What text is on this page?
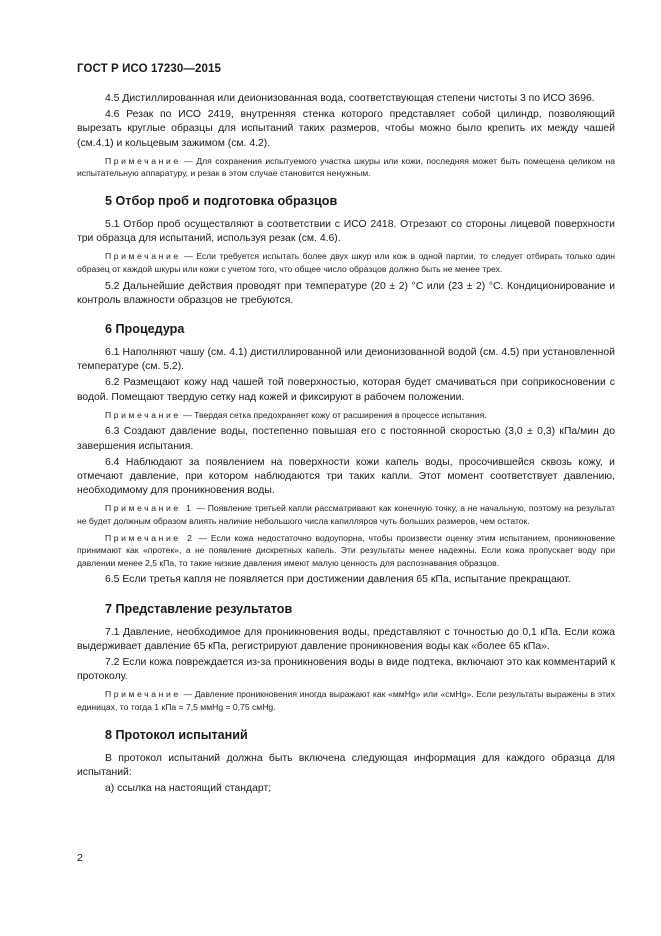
ГОСТ Р ИСО 17230—2015

4.5 Дистиллированная или деионизованная вода, соответствующая степени чистоты 3 по ИСО 3696.

4.6 Резак по ИСО 2419, внутренняя стенка которого представляет собой цилиндр, позволяющий вырезать круглые образцы для испытаний таких размеров, чтобы можно было крепить их между чашей (см.4.1) и кольцевым зажимом (см. 4.2).

Примечание — Для сохранения испытуемого участка шкуры или кожи, последняя может быть помещена целиком на испытательную аппаратуру, и резак в этом случае становится ненужным.

5 Отбор проб и подготовка образцов

5.1 Отбор проб осуществляют в соответствии с ИСО 2418. Отрезают со стороны лицевой поверхности три образца для испытаний, используя резак (см. 4.6).

Примечание — Если требуется испытать более двух шкур или кож в одной партии, то следует отбирать только один образец от каждой шкуры или кожи с учетом того, что общее число образцов должно быть не менее трех.

5.2 Дальнейшие действия проводят при температуре (20 ± 2) °С или (23 ± 2) °С. Кондиционирование и контроль влажности образцов не требуются.

6 Процедура

6.1 Наполняют чашу (см. 4.1) дистиллированной или деионизованной водой (см. 4.5) при установленной температуре (см. 5.2).

6.2 Размещают кожу над чашей той поверхностью, которая будет смачиваться при соприкосновении с водой. Помещают твердую сетку над кожей и фиксируют в рабочем положении.

Примечание — Твердая сетка предохраняет кожу от расширения в процессе испытания.

6.3 Создают давление воды, постепенно повышая его с постоянной скоростью (3,0 ± 0,3) кПа/мин до завершения испытания.

6.4 Наблюдают за появлением на поверхности кожи капель воды, просочившейся сквозь кожу, и отмечают давление, при котором наблюдаются три таких капли. Этот момент соответствует давлению, необходимому для проникновения воды.

Примечание 1 — Появление третьей капли рассматривают как конечную точку, а не начальную, поэтому на результат не будет должным образом влиять наличие небольшого числа капилляров чуть больших размеров, чем остаток.

Примечание 2 — Если кожа недостаточно водоупорна, чтобы произвести оценку этим испытанием, проникновение принимают как «протек», а не появление дискретных капель. Эти результаты менее надежны. Если кожа пропускает воду при давлении менее 2,5 кПа, то такие низкие давления имеют малую ценность для распознавания образцов.

6.5 Если третья капля не появляется при достижении давления 65 кПа, испытание прекращают.

7 Представление результатов

7.1 Давление, необходимое для проникновения воды, представляют с точностью до 0,1 кПа. Если кожа выдерживает давление 65 кПа, регистрируют давление проникновения воды как «более 65 кПа».

7.2 Если кожа повреждается из-за проникновения воды в виде подтека, включают это как комментарий к протоколу.

Примечание — Давление проникновения иногда выражают как «ммHg» или «смHg». Если результаты выражены в этих единицах, то тогда 1 кПа = 7,5 ммHg = 0,75 смHg.

8 Протокол испытаний

В протокол испытаний должна быть включена следующая информация для каждого образца для испытаний:

а) ссылка на настоящий стандарт;

2
